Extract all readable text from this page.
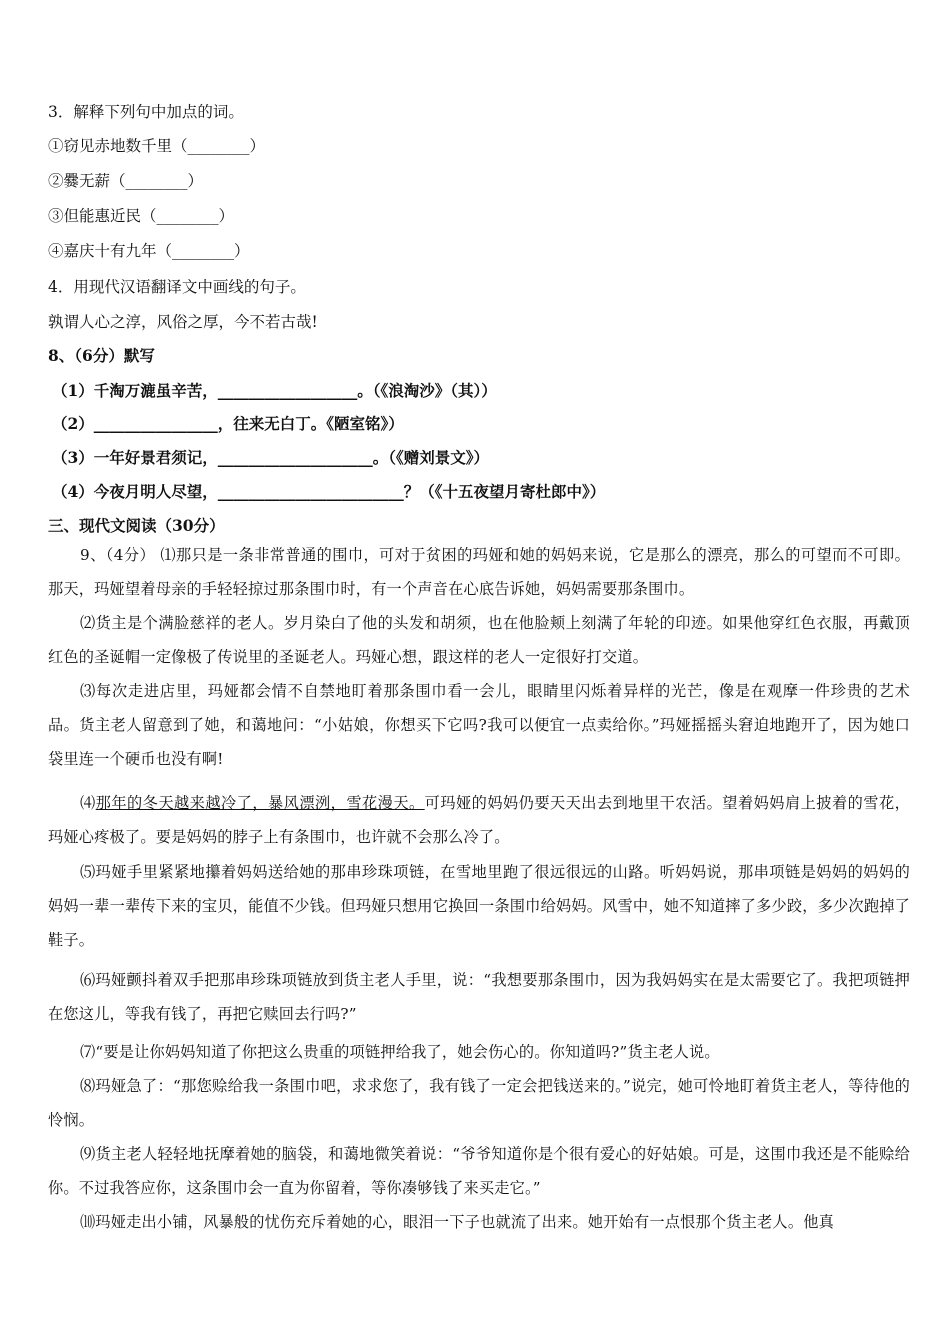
3．解释下列句中加点的词。
①窃见赤地数千里（________）
②爨无薪（________）
③但能惠近民（________）
④嘉庆十有九年（________）
4．用现代汉语翻译文中画线的句子。
孰谓人心之淳，风俗之厚，今不若古哉!
8、（6分）默写
（1）千淘万漉虽辛苦，__________________。（《浪淘沙》（其））
（2）________________，往来无白丁。《陋室铭》）
（3）一年好景君须记，____________________。（《赠刘景文》）
（4）今夜月明人尽望，________________________？（《十五夜望月寄杜郎中》）
三、现代文阅读（30分）
9、（4分） ⑴那只是一条非常普通的围巾，可对于贫困的玛娅和她的妈妈来说，它是那么的漂亮，那么的可望而不可即。那天，玛娅望着母亲的手轻轻掠过那条围巾时，有一个声音在心底告诉她，妈妈需要那条围巾。
⑵货主是个满脸慈祥的老人。岁月染白了他的头发和胡须，也在他脸颊上刻满了年轮的印迹。如果他穿红色衣服，再戴顶红色的圣诞帽一定像极了传说里的圣诞老人。玛娅心想，跟这样的老人一定很好打交道。
⑶每次走进店里，玛娅都会情不自禁地盯着那条围巾看一会儿，眼睛里闪烁着异样的光芒，像是在观摩一件珍贵的艺术品。货主老人留意到了她，和蔼地问：“小姑娘，你想买下它吗?我可以便宜一点卖给你。”玛娅摇摇头窘迫地跑开了，因为她口袋里连一个硬币也没有啊!
⑷那年的冬天越来越冷了，暴风漂洌，雪花漫天。可玛娅的妈妈仍要天天出去到地里干农活。望着妈妈肩上披着的雪花，玛娅心疼极了。要是妈妈的脖子上有条围巾，也许就不会那么冷了。
⑸玛娅手里紧紧地攥着妈妈送给她的那串珍珠项链，在雪地里跑了很远很远的山路。听妈妈说，那串项链是妈妈的妈妈的妈妈一辈一辈传下来的宝贝，能值不少钱。但玛娅只想用它换回一条围巾给妈妈。风雪中，她不知道摔了多少跤，多少次跑掉了鞋子。
⑹玛娅颤抖着双手把那串珍珠项链放到货主老人手里，说：“我想要那条围巾，因为我妈妈实在是太需要它了。我把项链押在您这儿，等我有钱了，再把它赎回去行吗?”
⑺“要是让你妈妈知道了你把这么贵重的项链押给我了，她会伤心的。你知道吗?”货主老人说。
⑻玛娅急了：“那您赊给我一条围巾吧，求求您了，我有钱了一定会把钱送来的。”说完，她可怜地盯着货主老人，等待他的怜悯。
⑼货主老人轻轻地抚摩着她的脑袋，和蔼地微笑着说：“爷爷知道你是个很有爱心的好姑娘。可是，这围巾我还是不能赊给你。不过我答应你，这条围巾会一直为你留着，等你凑够钱了来买走它。”
⑽玛娅走出小铺，风暴般的忧伤充斥着她的心，眼泪一下子也就流了出来。她开始有一点恨那个货主老人。他真
